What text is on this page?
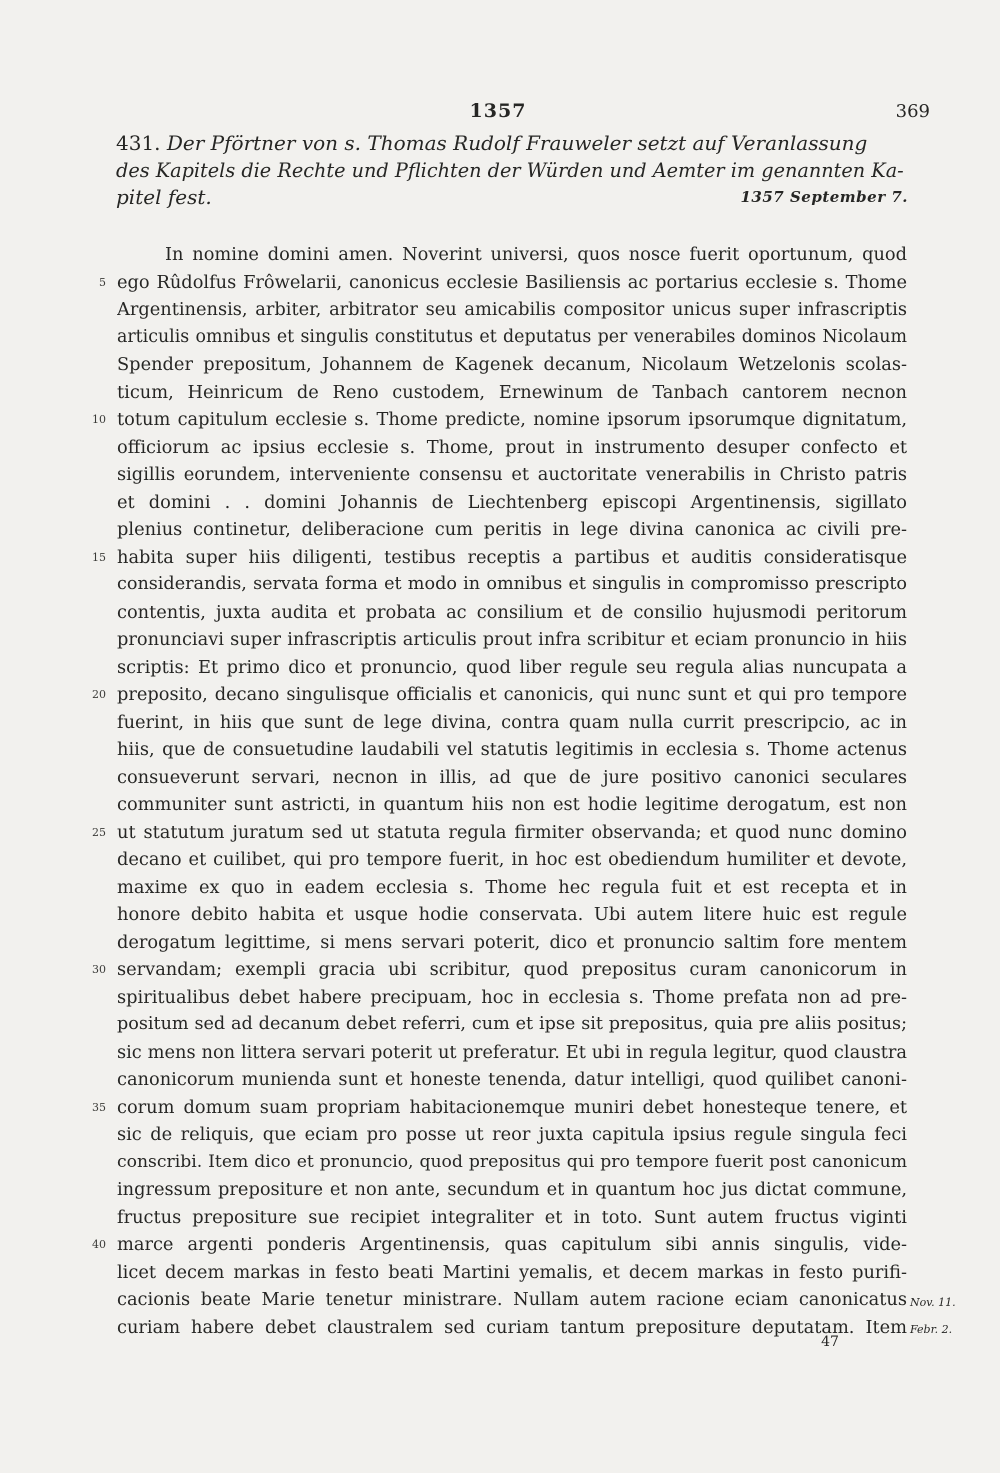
1357	369
431. Der Pförtner von s. Thomas Rudolf Frauweler setzt auf Veranlassung
des Kapitels die Rechte und Pflichten der Würden und Aemter im genannten Ka-
pitel fest.	1357 September 7.
In nomine domini amen. Noverint universi, quos nosce fuerit oportunum, quod
ego Rûdolfus Frôwelarii, canonicus ecclesie Basiliensis ac portarius ecclesie s. Thome
Argentinensis, arbiter, arbitrator seu amicabilis compositor unicus super infrascriptis
articulis omnibus et singulis constitutus et deputatus per venerabiles dominos Nicolaum
Spender prepositum, Johannem de Kagenek decanum, Nicolaum Wetzelonis scolas-
ticum, Heinricum de Reno custodem, Ernewinum de Tanbach cantorem necnon
totum capitulum ecclesie s. Thome predicte, nomine ipsorum ipsorumque dignitatum,
officiorum ac ipsius ecclesie s. Thome, prout in instrumento desuper confecto et
sigillis eorundem, interveniente consensu et auctoritate venerabilis in Christo patris
et domini . . domini Johannis de Liechtenberg episcopi Argentinensis, sigillato
plenius continetur, deliberacione cum peritis in lege divina canonica ac civili pre-
habita super hiis diligenti, testibus receptis a partibus et auditis consideratisque
considerandis, servata forma et modo in omnibus et singulis in compromisso prescripto
contentis, juxta audita et probata ac consilium et de consilio hujusmodi peritorum
pronunciavi super infrascriptis articulis prout infra scribitur et eciam pronuncio in hiis
scriptis: Et primo dico et pronuncio, quod liber regule seu regula alias nuncupata a
preposito, decano singulisque officialis et canonicis, qui nunc sunt et qui pro tempore
fuerint, in hiis que sunt de lege divina, contra quam nulla currit prescripcio, ac in
hiis, que de consuetudine laudabili vel statutis legitimis in ecclesia s. Thome actenus
consueverunt servari, necnon in illis, ad que de jure positivo canonici seculares
communiter sunt astricti, in quantum hiis non est hodie legitime derogatum, est non
ut statutum juratum sed ut statuta regula firmiter observanda; et quod nunc domino
decano et cuilibet, qui pro tempore fuerit, in hoc est obediendum humiliter et devote,
maxime ex quo in eadem ecclesia s. Thome hec regula fuit et est recepta et in
honore debito habita et usque hodie conservata. Ubi autem litere huic est regule
derogatum legittime, si mens servari poterit, dico et pronuncio saltim fore mentem
servandam; exempli gracia ubi scribitur, quod prepositus curam canonicorum in
spiritualibus debet habere precipuam, hoc in ecclesia s. Thome prefata non ad pre-
positum sed ad decanum debet referri, cum et ipse sit prepositus, quia pre aliis positus;
sic mens non littera servari poterit ut preferatur. Et ubi in regula legitur, quod claustra
canonicorum munienda sunt et honeste tenenda, datur intelligi, quod quilibet canoni-
corum domum suam propriam habitacionemque muniri debet honesteque tenere, et
sic de reliquis, que eciam pro posse ut reor juxta capitula ipsius regule singula feci
conscribi. Item dico et pronuncio, quod prepositus qui pro tempore fuerit post canonicum
ingressum prepositure et non ante, secundum et in quantum hoc jus dictat commune,
fructus prepositure sue recipiet integraliter et in toto. Sunt autem fructus viginti
marce argenti ponderis Argentinensis, quas capitulum sibi annis singulis, vide-
licet decem markas in festo beati Martini yemalis, et decem markas in festo purifi-
cacionis beate Marie tenetur ministrare. Nullam autem racione eciam canonicatus
curiam habere debet claustralem sed curiam tantum prepositure deputatam. Item
5
10
15
20
25
30
35
40
Nov. 11.
Febr. 2.
47
